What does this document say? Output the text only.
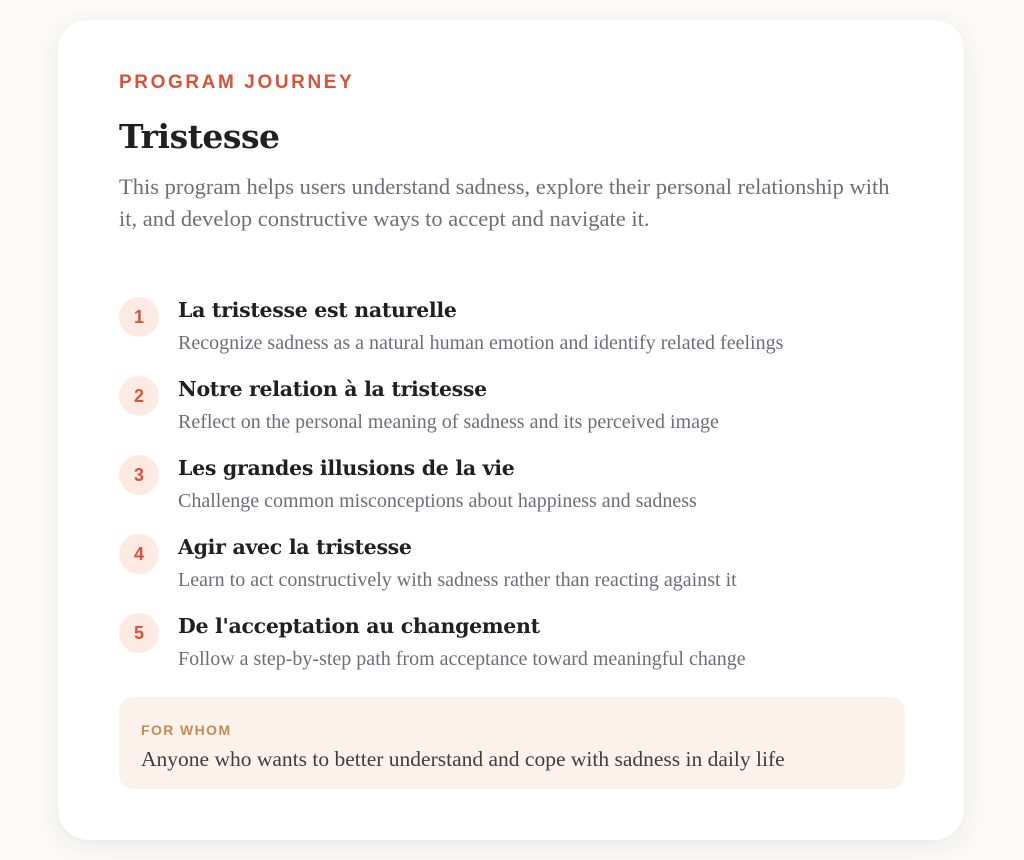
PROGRAM JOURNEY
Tristesse

This program helps users understand sadness, explore their personal relationship with it, and develop constructive ways to accept and navigate it.

1	La tristesse est naturelle
Recognize sadness as a natural human emotion and identify related feelings
2	Notre relation à la tristesse
Reflect on the personal meaning of sadness and its perceived image
3	Les grandes illusions de la vie
Challenge common misconceptions about happiness and sadness
4	Agir avec la tristesse
Learn to act constructively with sadness rather than reacting against it
5	De l'acceptation au changement
Follow a step-by-step path from acceptance toward meaningful change
FOR WHOM
Anyone who wants to better understand and cope with sadness in daily life
